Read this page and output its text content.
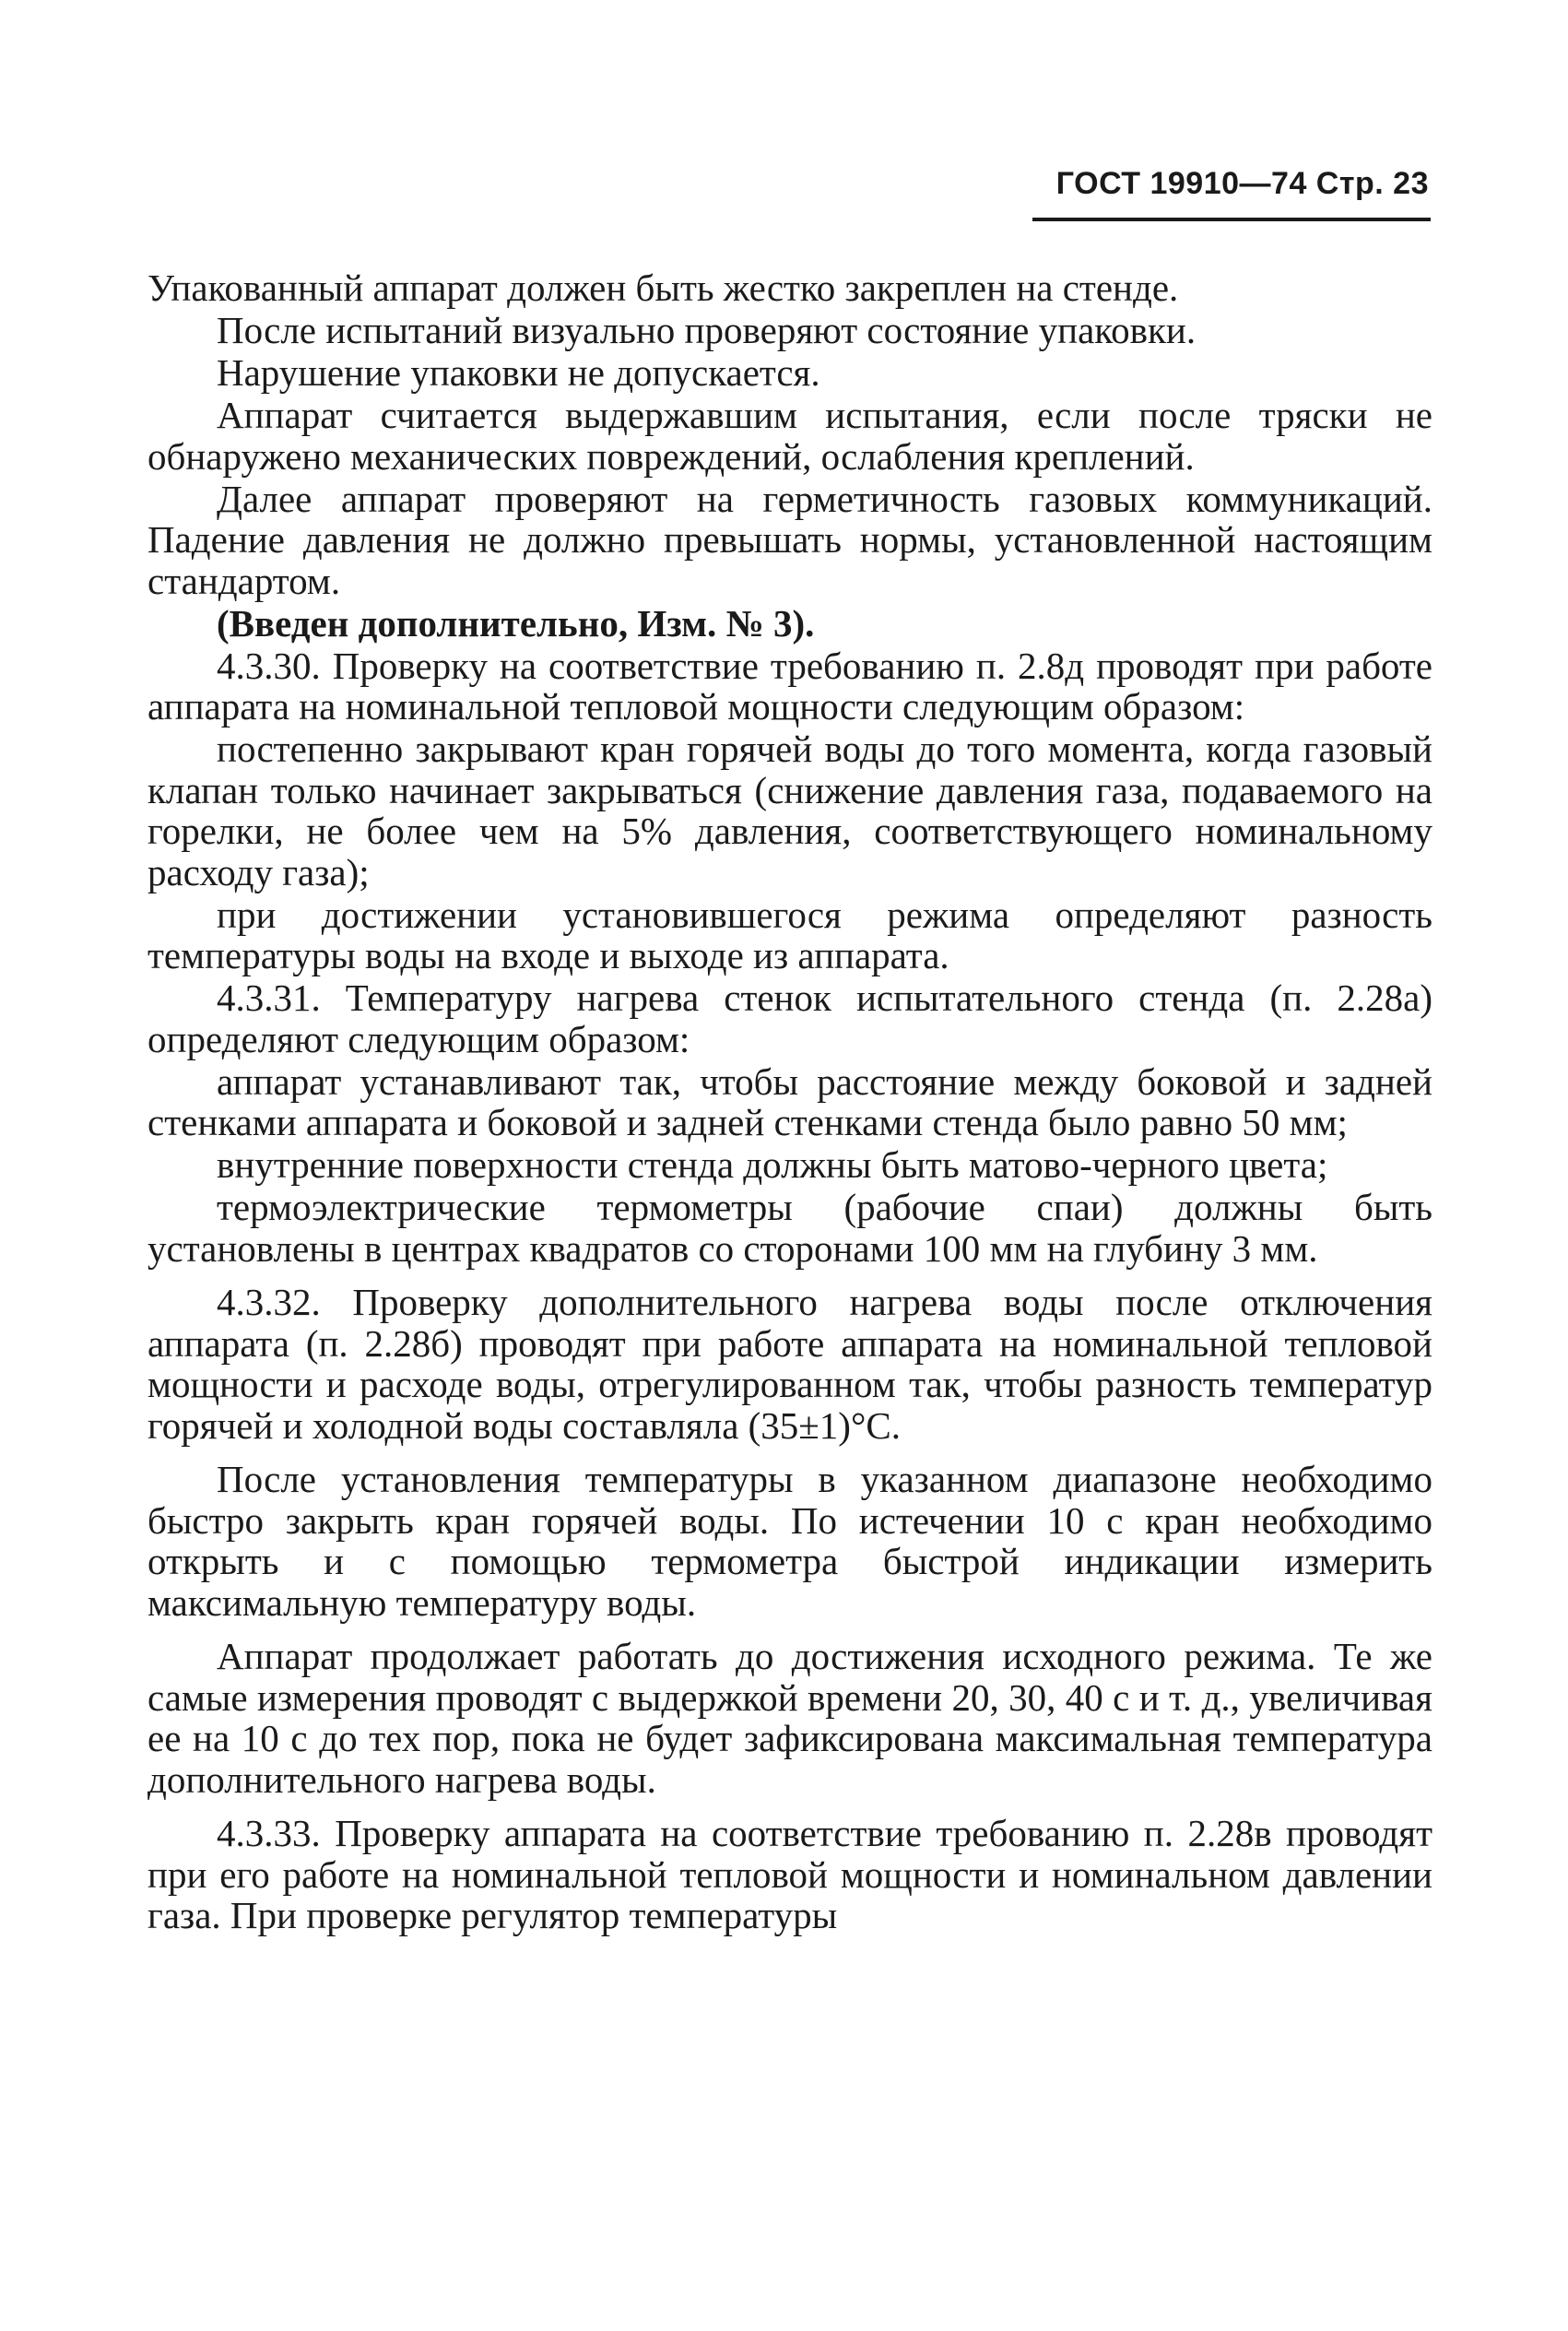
ГОСТ 19910—74 Стр. 23

Упакованный аппарат должен быть жестко закреплен на стенде.

После испытаний визуально проверяют состояние упаковки.

Нарушение упаковки не допускается.

Аппарат считается выдержавшим испытания, если после тряски не обнаружено механических повреждений, ослабления креплений.

Далее аппарат проверяют на герметичность газовых коммуникаций. Падение давления не должно превышать нормы, установленной настоящим стандартом.

(Введен дополнительно, Изм. № 3).

4.3.30. Проверку на соответствие требованию п. 2.8д проводят при работе аппарата на номинальной тепловой мощности следующим образом:

постепенно закрывают кран горячей воды до того момента, когда газовый клапан только начинает закрываться (снижение давления газа, подаваемого на горелки, не более чем на 5% давления, соответствующего номинальному расходу газа);

при достижении установившегося режима определяют разность температуры воды на входе и выходе из аппарата.

4.3.31. Температуру нагрева стенок испытательного стенда (п. 2.28а) определяют следующим образом:

аппарат устанавливают так, чтобы расстояние между боковой и задней стенками аппарата и боковой и задней стенками стенда было равно 50 мм;

внутренние поверхности стенда должны быть матово-черного цвета;

термоэлектрические термометры (рабочие спаи) должны быть установлены в центрах квадратов со сторонами 100 мм на глубину 3 мм.

4.3.32. Проверку дополнительного нагрева воды после отключения аппарата (п. 2.28б) проводят при работе аппарата на номинальной тепловой мощности и расходе воды, отрегулированном так, чтобы разность температур горячей и холодной воды составляла (35±1)°С.

После установления температуры в указанном диапазоне необходимо быстро закрыть кран горячей воды. По истечении 10 с кран необходимо открыть и с помощью термометра быстрой индикации измерить максимальную температуру воды.

Аппарат продолжает работать до достижения исходного режима. Те же самые измерения проводят с выдержкой времени 20, 30, 40 с и т. д., увеличивая ее на 10 с до тех пор, пока не будет зафиксирована максимальная температура дополнительного нагрева воды.

4.3.33. Проверку аппарата на соответствие требованию п. 2.28в проводят при его работе на номинальной тепловой мощности и номинальном давлении газа. При проверке регулятор температуры
